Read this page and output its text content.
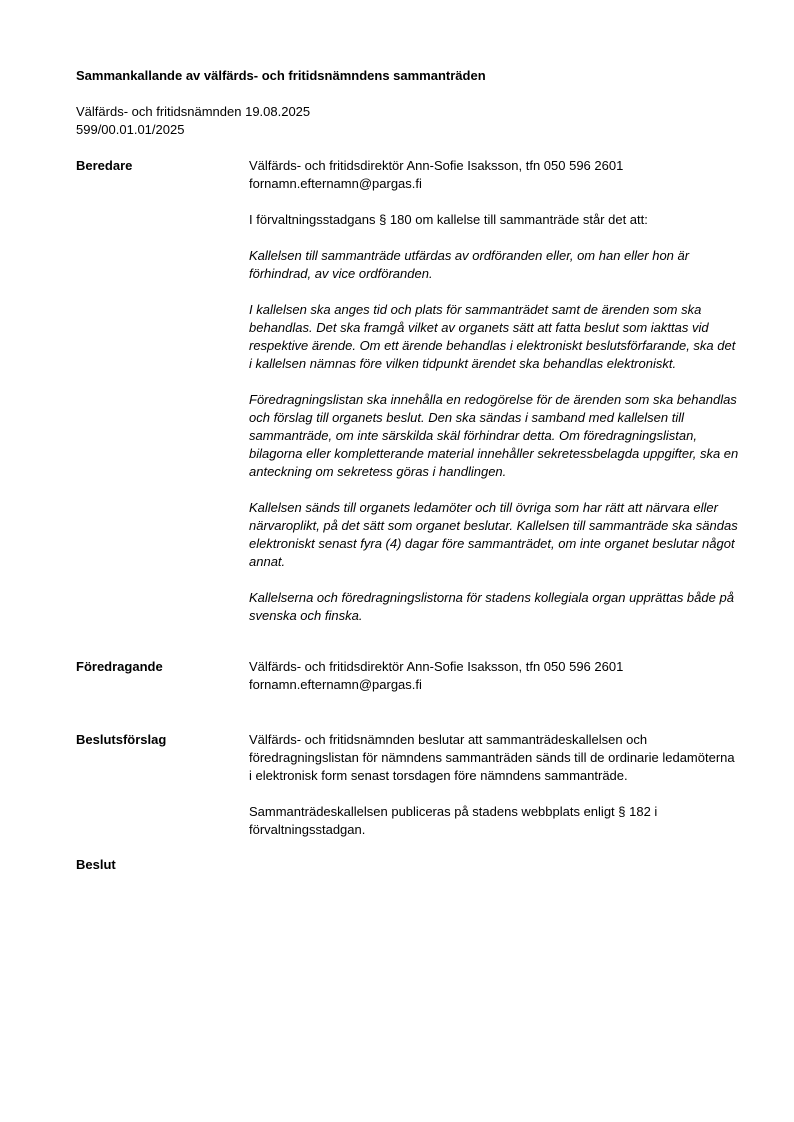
Sammankallande av välfärds- och fritidsnämndens sammanträden
Välfärds- och fritidsnämnden 19.08.2025
599/00.01.01/2025
Beredare	Välfärds- och fritidsdirektör Ann-Sofie Isaksson, tfn 050 596 2601
fornamn.efternamn@pargas.fi

I förvaltningsstadgans § 180 om kallelse till sammanträde står det att:

Kallelsen till sammanträde utfärdas av ordföranden eller, om han eller hon är förhindrad, av vice ordföranden.

I kallelsen ska anges tid och plats för sammanträdet samt de ärenden som ska behandlas. Det ska framgå vilket av organets sätt att fatta beslut som iakttas vid respektive ärende. Om ett ärende behandlas i elektroniskt beslutsförfarande, ska det i kallelsen nämnas före vilken tidpunkt ärendet ska behandlas elektroniskt.

Föredragningslistan ska innehålla en redogörelse för de ärenden som ska behandlas och förslag till organets beslut. Den ska sändas i samband med kallelsen till sammanträde, om inte särskilda skäl förhindrar detta. Om föredragningslistan, bilagorna eller kompletterande material innehåller sekretessbelagda uppgifter, ska en anteckning om sekretess göras i handlingen.

Kallelsen sänds till organets ledamöter och till övriga som har rätt att närvara eller närvaroplikt, på det sätt som organet beslutar. Kallelsen till sammanträde ska sändas elektroniskt senast fyra (4) dagar före sammanträdet, om inte organet beslutar något annat.

Kallelserna och föredragningslistorna för stadens kollegiala organ upprättas både på svenska och finska.

Föredragande	Välfärds- och fritidsdirektör Ann-Sofie Isaksson, tfn 050 596 2601
fornamn.efternamn@pargas.fi

Beslutsförslag	Välfärds- och fritidsnämnden beslutar att sammanträdeskallelsen och föredragningslistan för nämndens sammanträden sänds till de ordinarie ledamöterna i elektronisk form senast torsdagen före nämndens sammanträde.

Sammanträdeskallelsen publiceras på stadens webbplats enligt § 182 i förvaltningsstadgan.

Beslut
